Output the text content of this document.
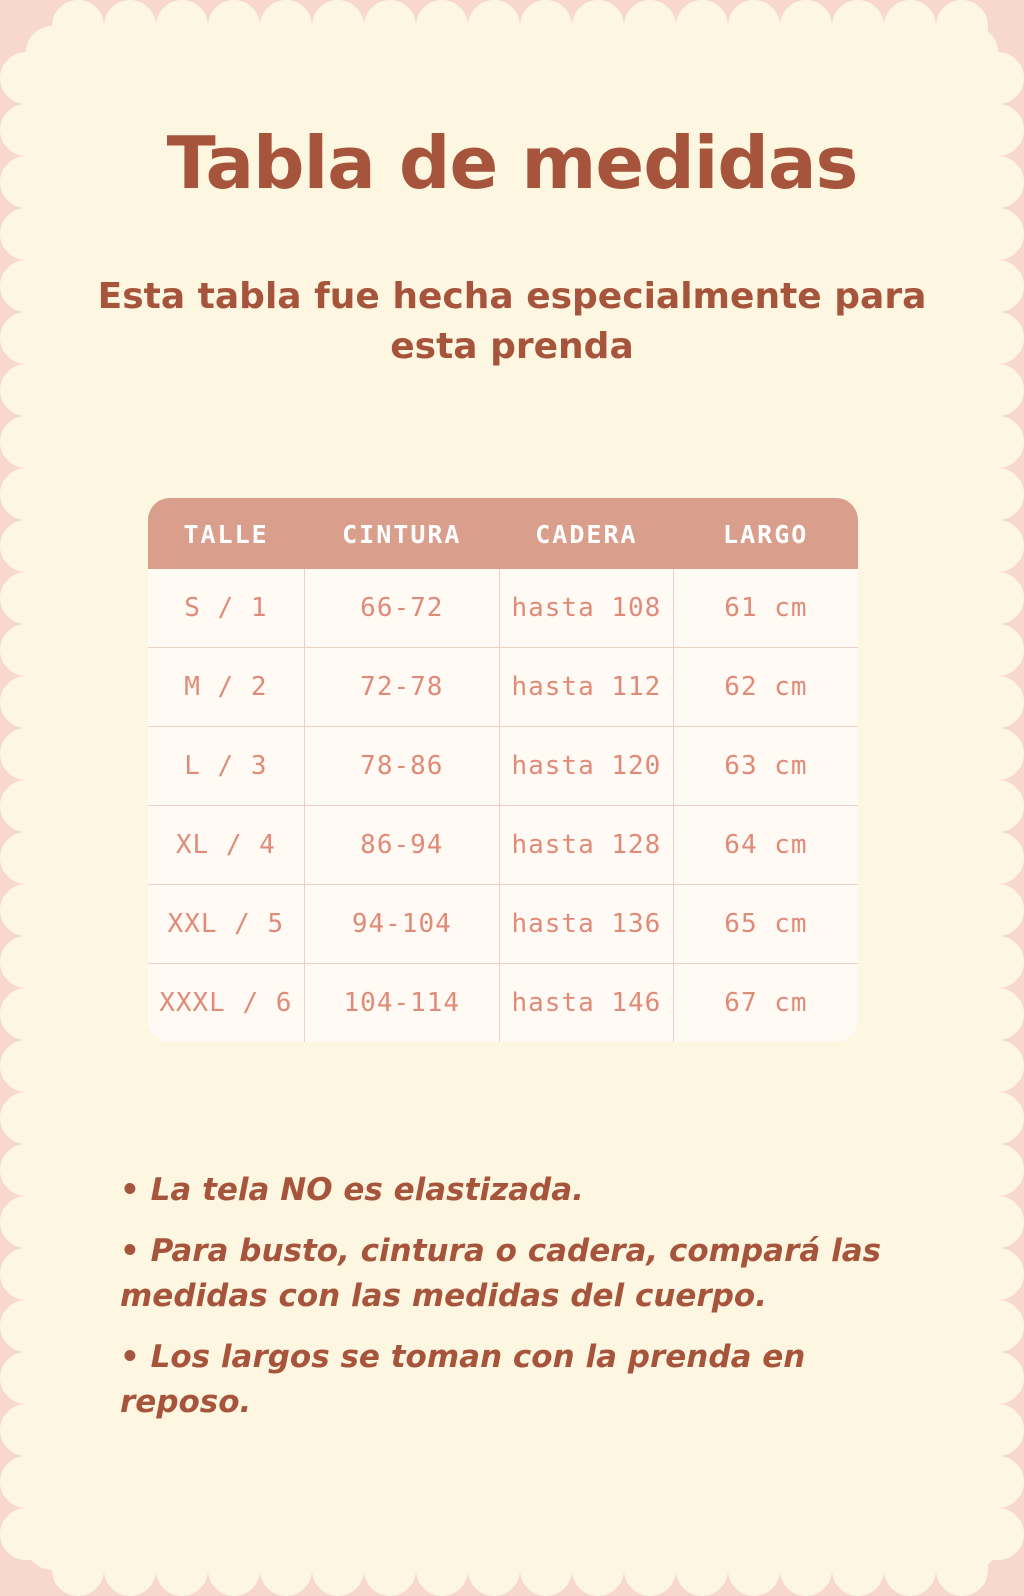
Tabla de medidas
Esta tabla fue hecha especialmente para esta prenda
TALLE	CINTURA	CADERA	LARGO
S / 1	66-72	hasta 108	61 cm
M / 2	72-78	hasta 112	62 cm
L / 3	78-86	hasta 120	63 cm
XL / 4	86-94	hasta 128	64 cm
XXL / 5	94-104	hasta 136	65 cm
XXXL / 6	104-114	hasta 146	67 cm

• La tela NO es elastizada.

• Para busto, cintura o cadera, compará las medidas con las medidas del cuerpo.

• Los largos se toman con la prenda en reposo.
